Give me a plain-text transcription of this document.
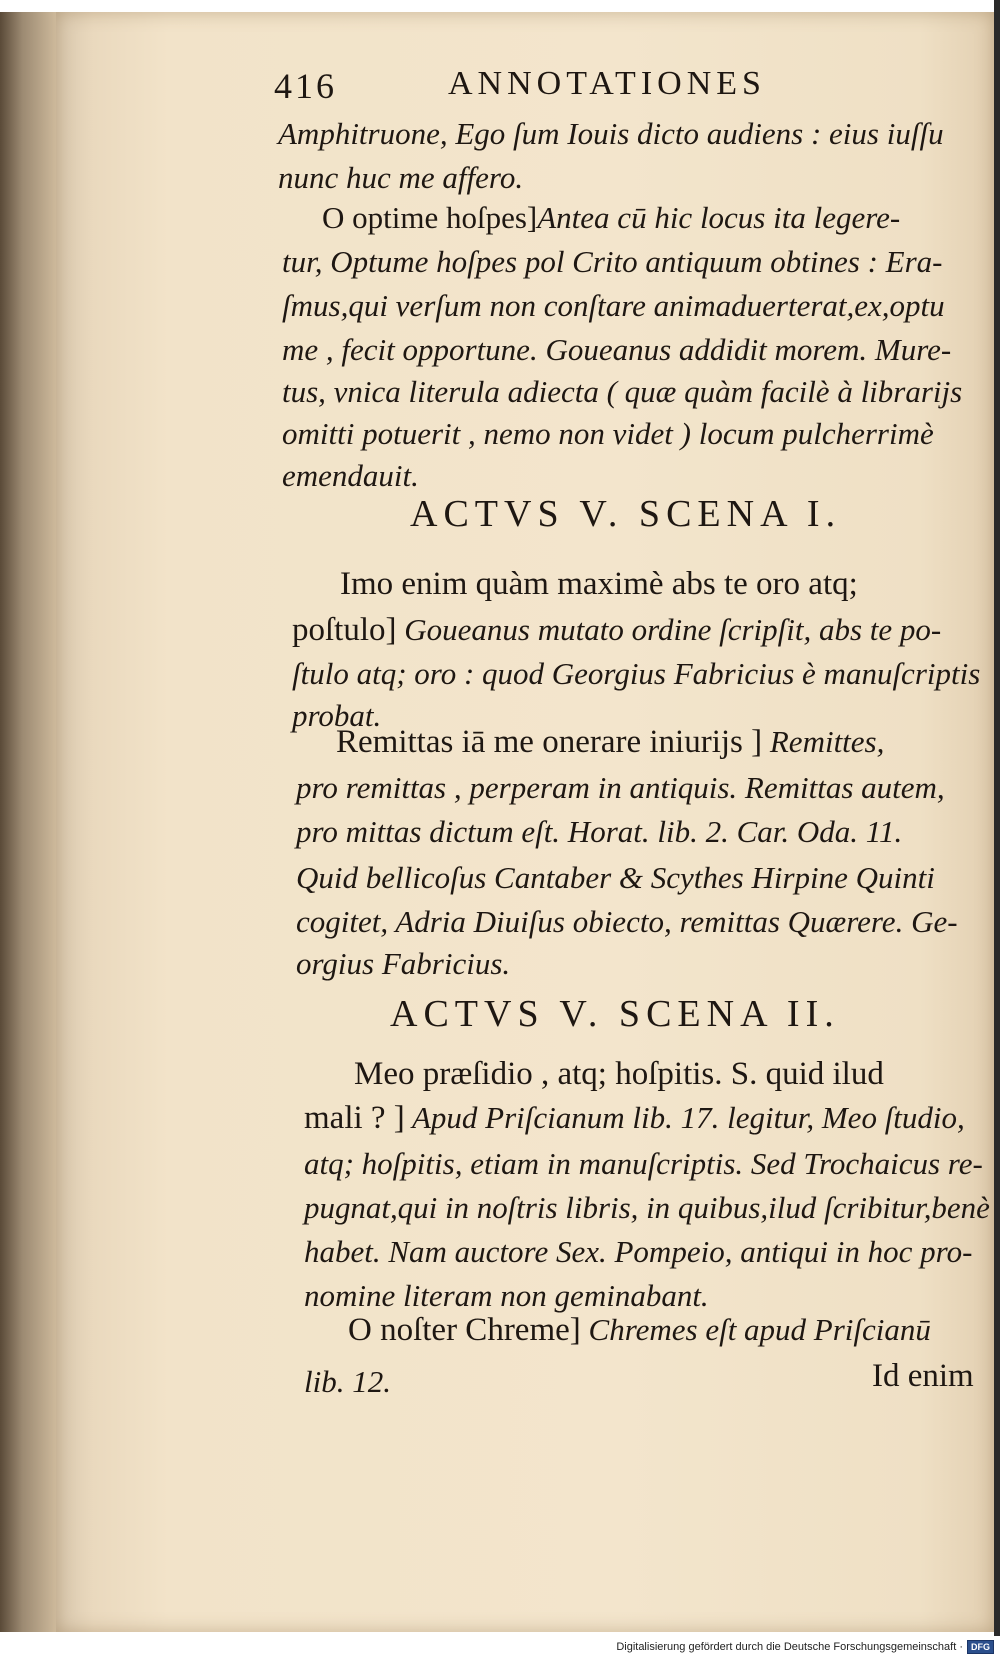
416	ANNOTATIONES
Amphitruone, Ego ſum Iouis dicto audiens : eius iuſſu
nunc huc me affero.
O optime hoſpes]Antea cū hic locus ita legere-
tur, Optume hoſpes pol Crito antiquum obtines : Era-
ſmus,qui verſum non conſtare animaduerterat,ex,optu
me , fecit opportune. Goueanus addidit morem. Mure-
tus, vnica literula adiecta ( quæ quàm facilè à librarijs
omitti potuerit , nemo non videt ) locum pulcherrimè
emendauit.
ACTVS V. SCENA I.
Imo enim quàm maximè abs te oro atq;
poſtulo] Goueanus mutato ordine ſcripſit, abs te po-
ſtulo atq; oro : quod Georgius Fabricius è manuſcriptis
probat.
Remittas iā me onerare iniurijs ] Remittes,
pro remittas , perperam in antiquis. Remittas autem,
pro mittas dictum eſt. Horat. lib. 2. Car. Oda. 11.
Quid bellicoſus Cantaber & Scythes Hirpine Quinti
cogitet, Adria Diuiſus obiecto, remittas Quærere. Ge-
orgius Fabricius.
ACTVS V. SCENA II.
Meo præſidio , atq; hoſpitis. S. quid ilud
mali ? ] Apud Priſcianum lib. 17. legitur, Meo ſtudio,
atq; hoſpitis, etiam in manuſcriptis. Sed Trochaicus re-
pugnat,qui in noſtris libris, in quibus,ilud ſcribitur,benè
habet. Nam auctore Sex. Pompeio, antiqui in hoc pro-
nomine literam non geminabant.
O noſter Chreme] Chremes eſt apud Priſcianū
lib. 12.	Id enim
Digitalisierung gefördert durch die Deutsche Forschungsgemeinschaft · DFG
